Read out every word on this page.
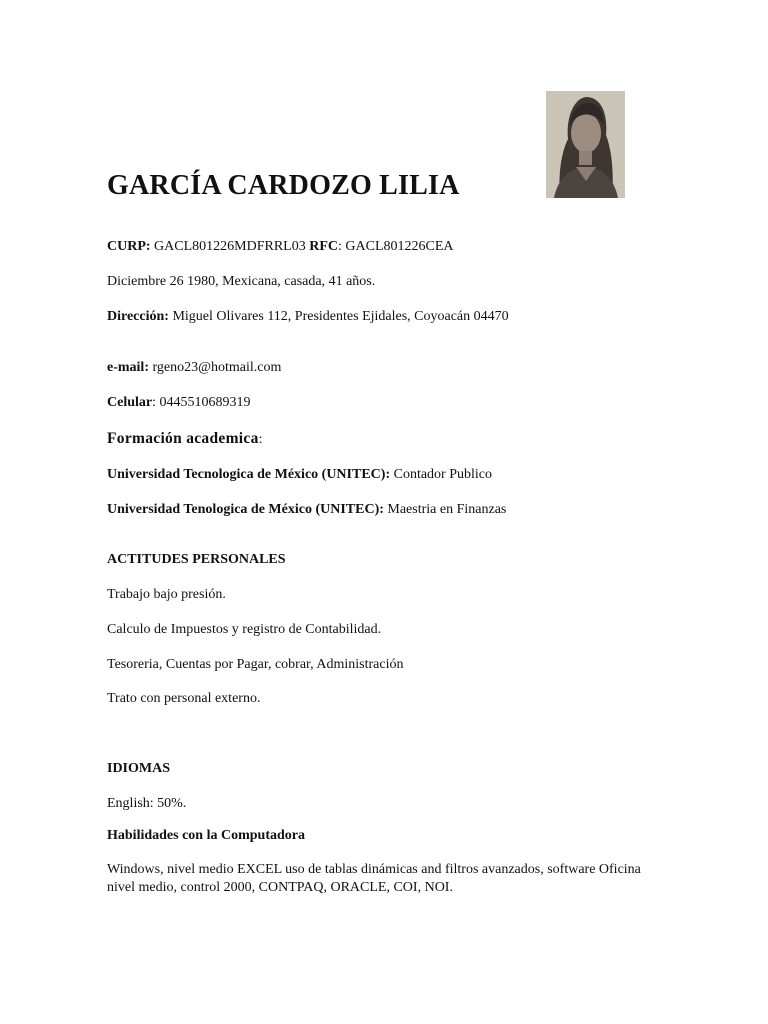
GARCÍA CARDOZO LILIA
CURP: GACL801226MDFRRL03 RFC: GACL801226CEA
Diciembre 26 1980, Mexicana, casada, 41 años.
Dirección: Miguel Olivares 112, Presidentes Ejidales, Coyoacán 04470
e-mail: rgeno23@hotmail.com
Celular: 0445510689319
Formación academica:
Universidad Tecnologica de México (UNITEC): Contador Publico
Universidad Tenologica de México (UNITEC): Maestria en Finanzas
ACTITUDES PERSONALES
Trabajo bajo presión.
Calculo de Impuestos y registro de Contabilidad.
Tesoreria, Cuentas por Pagar, cobrar, Administración
Trato con personal externo.
IDIOMAS
English: 50%.
Habilidades con la Computadora
Windows, nivel medio EXCEL uso de tablas dinámicas and filtros avanzados, software Oficina nivel medio, control 2000, CONTPAQ, ORACLE, COI, NOI.
